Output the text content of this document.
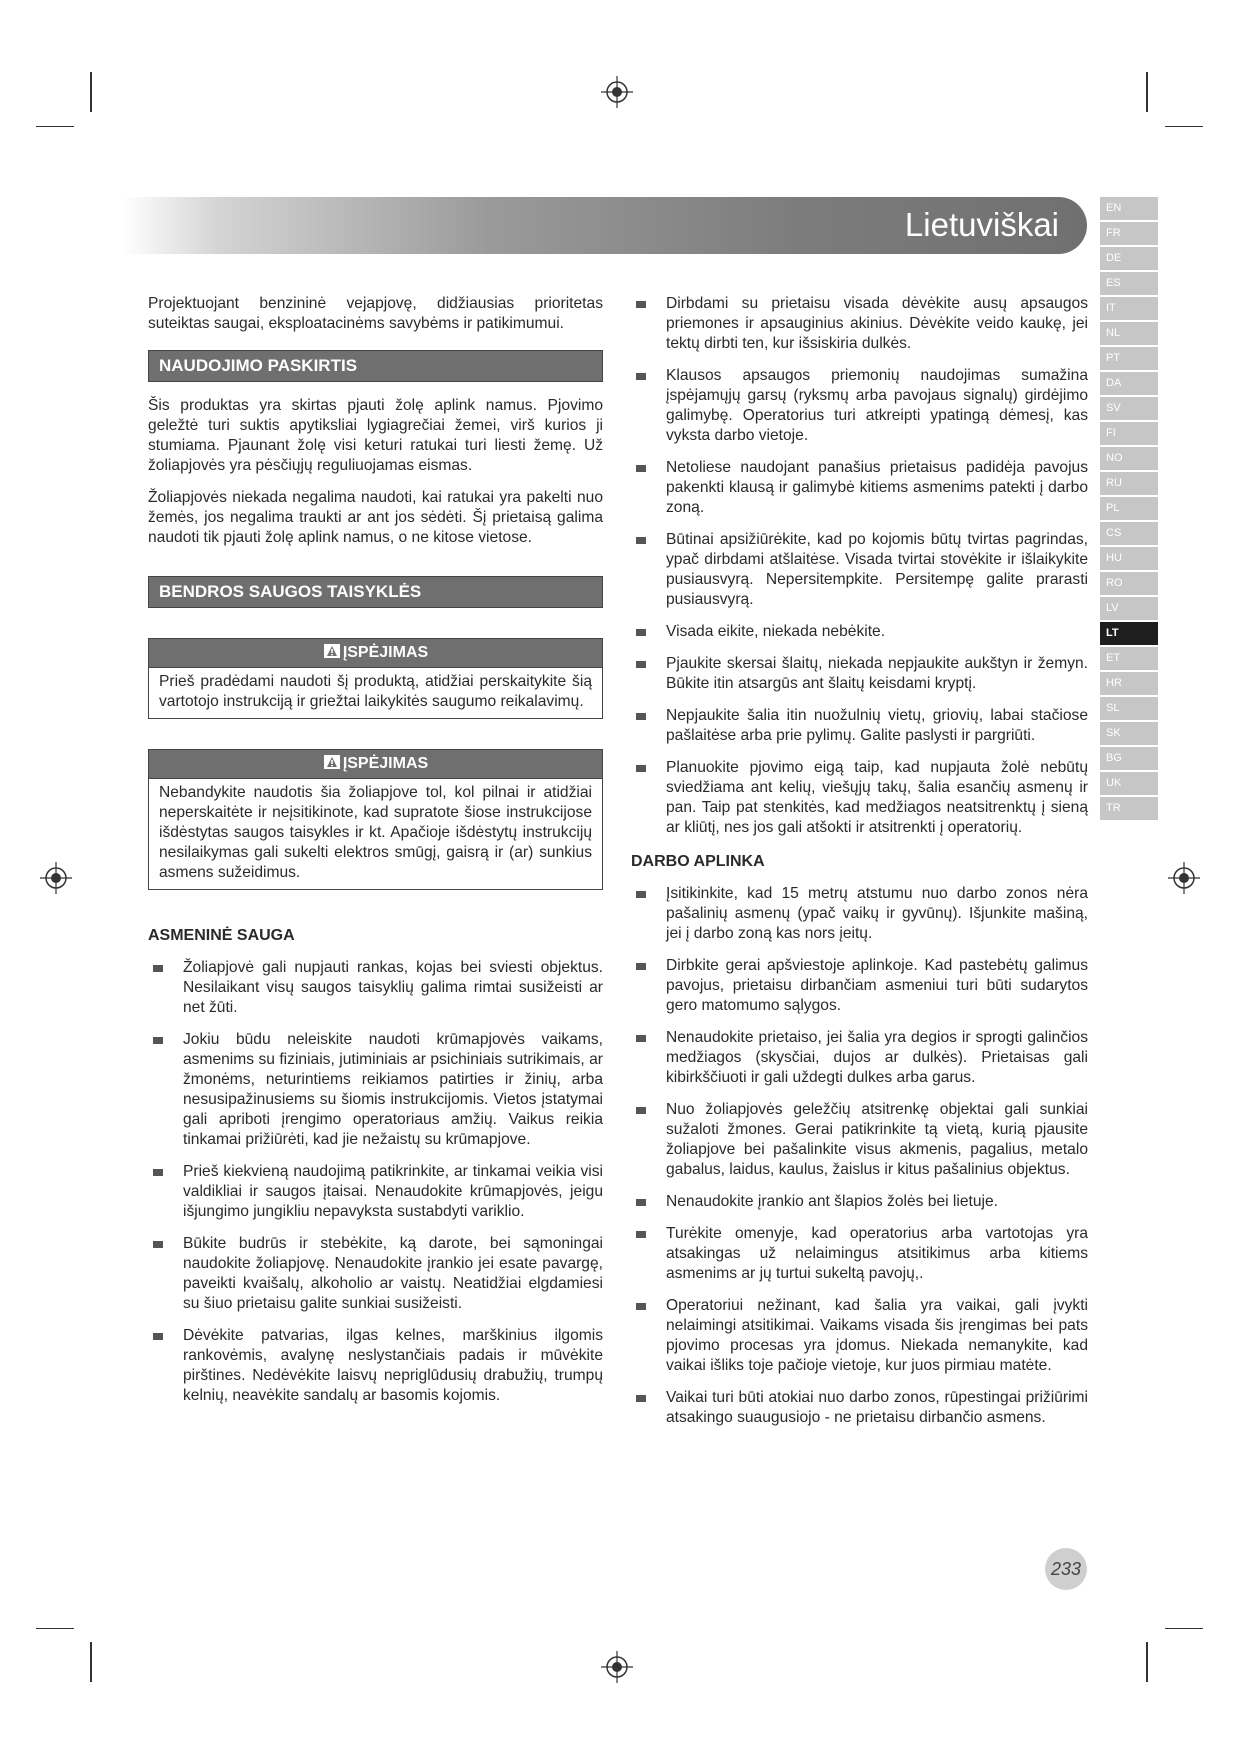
Lietuviškai	EN
FR
DE
ES
IT
NL
PT
DA
SV
FI
NO
RU
PL
CS
HU
RO
LV
LT
ET
HR
SL
SK
BG
UK
TR

Projektuojant benzininė vejapjovę, didžiausias prioritetas suteiktas saugai, eksploatacinėms savybėms ir patikimumui.

NAUDOJIMO PASKIRTIS

Šis produktas yra skirtas pjauti žolę aplink namus. Pjovimo geležtė turi suktis apytiksliai lygiagrečiai žemei, virš kurios ji stumiama. Pjaunant žolę visi keturi ratukai turi liesti žemę. Už žoliapjovės yra pėsčiųjų reguliuojamas eismas.

Žoliapjovės niekada negalima naudoti, kai ratukai yra pakelti nuo žemės, jos negalima traukti ar ant jos sėdėti. Šį prietaisą galima naudoti tik pjauti žolę aplink namus, o ne kitose vietose.

BENDROS SAUGOS TAISYKLĖS
ĮSPĖJIMAS
Prieš pradėdami naudoti šį produktą, atidžiai perskaitykite šią vartotojo instrukciją ir griežtai laikykitės saugumo reikalavimų.
ĮSPĖJIMAS
Nebandykite naudotis šia žoliapjove tol, kol pilnai ir atidžiai neperskaitėte ir neįsitikinote, kad supratote šiose instrukcijose išdėstytas saugos taisykles ir kt. Apačioje išdėstytų instrukcijų nesilaikymas gali sukelti elektros smūgį, gaisrą ir (ar) sunkius asmens sužeidimus.
ASMENINĖ SAUGA
Žoliapjovė gali nupjauti rankas, kojas bei sviesti objektus. Nesilaikant visų saugos taisyklių galima rimtai susižeisti ar net žūti.
Jokiu būdu neleiskite naudoti krūmapjovės vaikams, asmenims su fiziniais, jutiminiais ar psichiniais sutrikimais, ar žmonėms, neturintiems reikiamos patirties ir žinių, arba nesusipažinusiems su šiomis instrukcijomis. Vietos įstatymai gali apriboti įrengimo operatoriaus amžių. Vaikus reikia tinkamai prižiūrėti, kad jie nežaistų su krūmapjove.
Prieš kiekvieną naudojimą patikrinkite, ar tinkamai veikia visi valdikliai ir saugos įtaisai. Nenaudokite krūmapjovės, jeigu išjungimo jungikliu nepavyksta sustabdyti variklio.
Būkite budrūs ir stebėkite, ką darote, bei sąmoningai naudokite žoliapjovę. Nenaudokite įrankio jei esate pavargę, paveikti kvaišalų, alkoholio ar vaistų. Neatidžiai elgdamiesi su šiuo prietaisu galite sunkiai susižeisti.
Dėvėkite patvarias, ilgas kelnes, marškinius ilgomis rankovėmis, avalynę neslystančiais padais ir mūvėkite pirštines. Nedėvėkite laisvų nepriglūdusių drabužių, trumpų kelnių, neavėkite sandalų ar basomis kojomis.
Dirbdami su prietaisu visada dėvėkite ausų apsaugos priemones ir apsauginius akinius. Dėvėkite veido kaukę, jei tektų dirbti ten, kur išsiskiria dulkės.
Klausos apsaugos priemonių naudojimas sumažina įspėjamųjų garsų (ryksmų arba pavojaus signalų) girdėjimo galimybę. Operatorius turi atkreipti ypatingą dėmesį, kas vyksta darbo vietoje.
Netoliese naudojant panašius prietaisus padidėja pavojus pakenkti klausą ir galimybė kitiems asmenims patekti į darbo zoną.
Būtinai apsižiūrėkite, kad po kojomis būtų tvirtas pagrindas, ypač dirbdami atšlaitėse. Visada tvirtai stovėkite ir išlaikykite pusiausvyrą. Nepersitempkite. Persitempę galite prarasti pusiausvyrą.
Visada eikite, niekada nebėkite.
Pjaukite skersai šlaitų, niekada nepjaukite aukštyn ir žemyn. Būkite itin atsargūs ant šlaitų keisdami kryptį.
Nepjaukite šalia itin nuožulnių vietų, griovių, labai stačiose pašlaitėse arba prie pylimų. Galite paslysti ir pargriūti.
Planuokite pjovimo eigą taip, kad nupjauta žolė nebūtų sviedžiama ant kelių, viešųjų takų, šalia esančių asmenų ir pan. Taip pat stenkitės, kad medžiagos neatsitrenktų į sieną ar kliūtį, nes jos gali atšokti ir atsitrenkti į operatorių.
DARBO APLINKA
Įsitikinkite, kad 15 metrų atstumu nuo darbo zonos nėra pašalinių asmenų (ypač vaikų ir gyvūnų). Išjunkite mašiną, jei į darbo zoną kas nors įeitų.
Dirbkite gerai apšviestoje aplinkoje. Kad pastebėtų galimus pavojus, prietaisu dirbančiam asmeniui turi būti sudarytos gero matomumo sąlygos.
Nenaudokite prietaiso, jei šalia yra degios ir sprogti galinčios medžiagos (skysčiai, dujos ar dulkės). Prietaisas gali kibirkščiuoti ir gali uždegti dulkes arba garus.
Nuo žoliapjovės geležčių atsitrenkę objektai gali sunkiai sužaloti žmones. Gerai patikrinkite tą vietą, kurią pjausite žoliapjove bei pašalinkite visus akmenis, pagalius, metalo gabalus, laidus, kaulus, žaislus ir kitus pašalinius objektus.
Nenaudokite įrankio ant šlapios žolės bei lietuje.
Turėkite omenyje, kad operatorius arba vartotojas yra atsakingas už nelaimingus atsitikimus arba kitiems asmenims ar jų turtui sukeltą pavojų,.
Operatoriui nežinant, kad šalia yra vaikai, gali įvykti nelaimingi atsitikimai. Vaikams visada šis įrengimas bei pats pjovimo procesas yra įdomus. Niekada nemanykite, kad vaikai išliks toje pačioje vietoje, kur juos pirmiau matėte.
Vaikai turi būti atokiai nuo darbo zonos, rūpestingai prižiūrimi atsakingo suaugusiojo - ne prietaisu dirbančio asmens.
233
